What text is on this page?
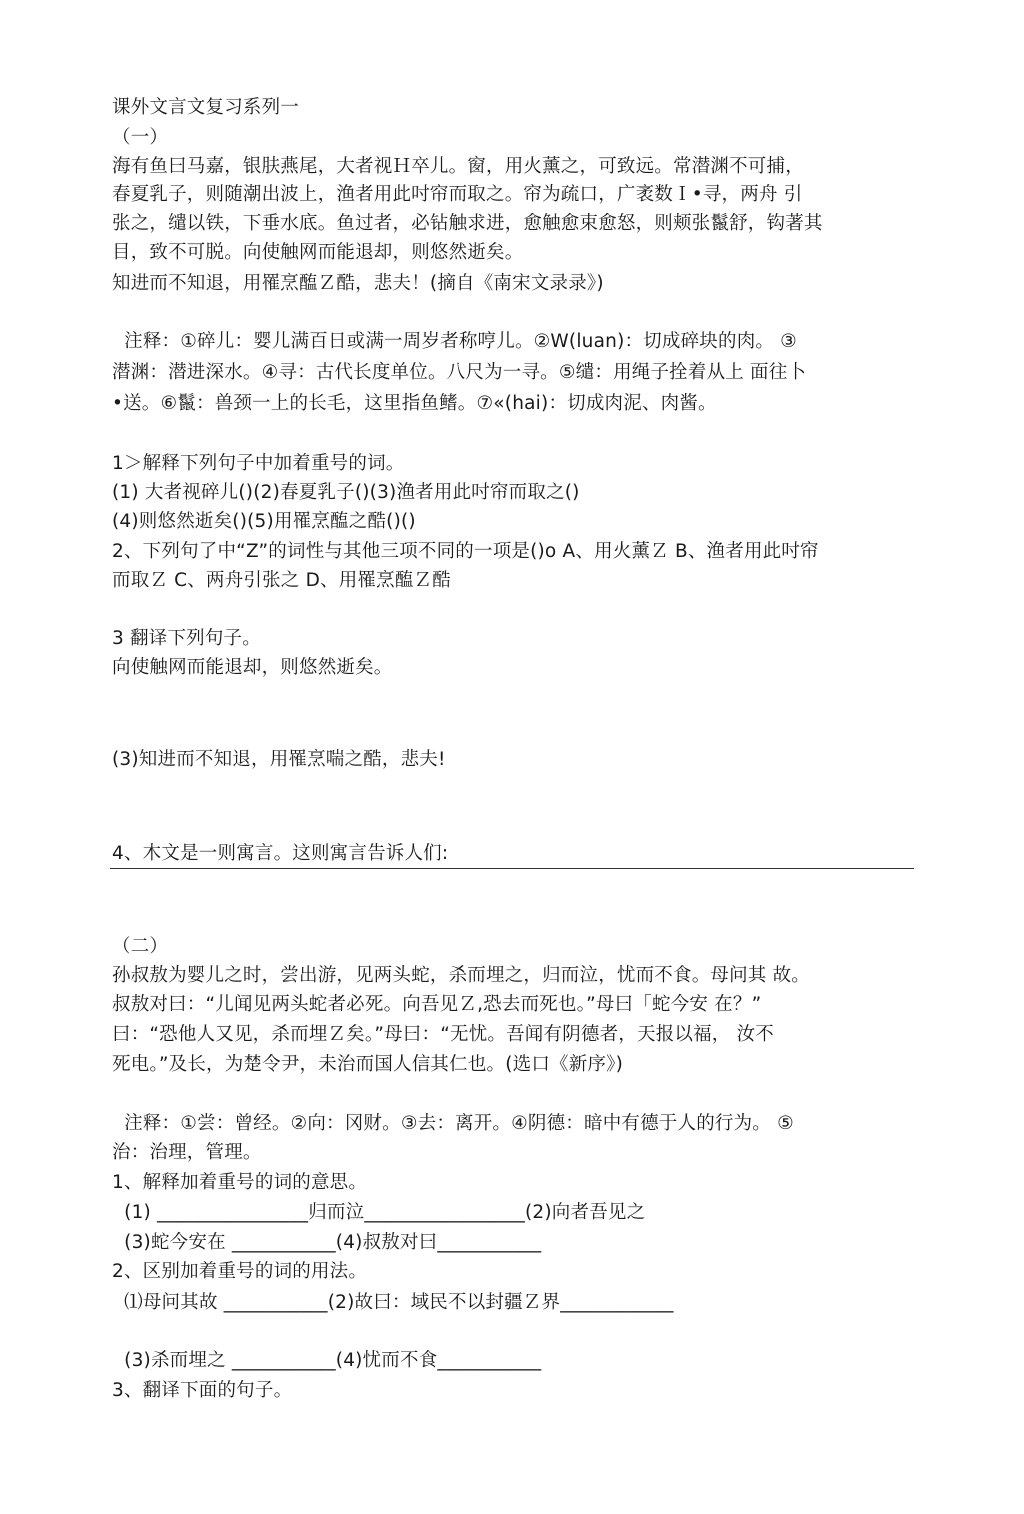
课外文言文复习系列一

（一）

海有鱼曰马嘉，银肤燕尾，大者视Ｈ卒儿。窗，用火薰之，可致远。常潜渊不可捕，

春夏乳子，则随潮出波上，渔者用此吋帘而取之。帘为疏口，广袤数Ｉ•寻，两舟 引

张之，缱以铁，下垂水底。鱼过者，必钻触求进，愈触愈束愈怒，则颊张鬣舒，钩著其

目，致不可脱。向使触网而能退却，则悠然逝矣。

知进而不知退，用罹烹醢Ｚ酷，悲夫！(摘自《南宋文录录》)

注释：①碎儿：婴儿满百日或满一周岁者称哼儿。②W(luan)：切成碎块的肉。 ③

潜渊：潜进深水。④寻：古代长度单位。八尺为一寻。⑤缱：用绳子拴着从上 面往卜

•送。⑥鬣：兽颈一上的长毛，这里指鱼鳍。⑦«(hai)：切成肉泥、肉酱。

1＞解释下列句子中加着重号的词。

(1) 大者视碎儿()(2)春夏乳子()(3)渔者用此吋帘而取之()

(4)则悠然逝矣()(5)用罹烹醢之酷()()

2、下列句了中“Z”的词性与其他三项不同的一项是()o A、用火薰Ｚ B、渔者用此吋帘

而取Ｚ C、两舟引张之 D、用罹烹醢Ｚ酷

3 翻译下列句子。

向使触网而能退却，则悠然逝矣。

(3)知进而不知退，用罹烹喘之酷，悲夫!

4、木文是一则寓言。这则寓言告诉人们:

（二）

孙叔敖为婴儿之时，尝出游，见两头蛇，杀而埋之，归而泣，忧而不食。母问其 故。

叔敖对曰：“儿闻见两头蛇者必死。向吾见Ｚ,恐去而死也。”母曰「蛇今安 在？”

曰：“恐他人又见，杀而埋Ｚ矣。”母曰：“无忧。吾闻有阴德者，天报以福， 汝不

死电。”及长，为楚令尹，未治而国人信其仁也。(选口《新序》)

注释：①尝：曾经。②向：冈财。③去：离开。④阴德：暗中有德于人的行为。 ⑤

治：治理，管理。

1、解释加着重号的词的意思。

(1) ________________归而泣_________________(2)向者吾见之

(3)蛇今安在 ___________(4)叔敖对曰___________

2、区别加着重号的词的用法。

⑴母问其故 ___________(2)故曰：域民不以封疆Ｚ界____________

(3)杀而埋之 ___________(4)忧而不食___________

3、翻译下面的句子。
